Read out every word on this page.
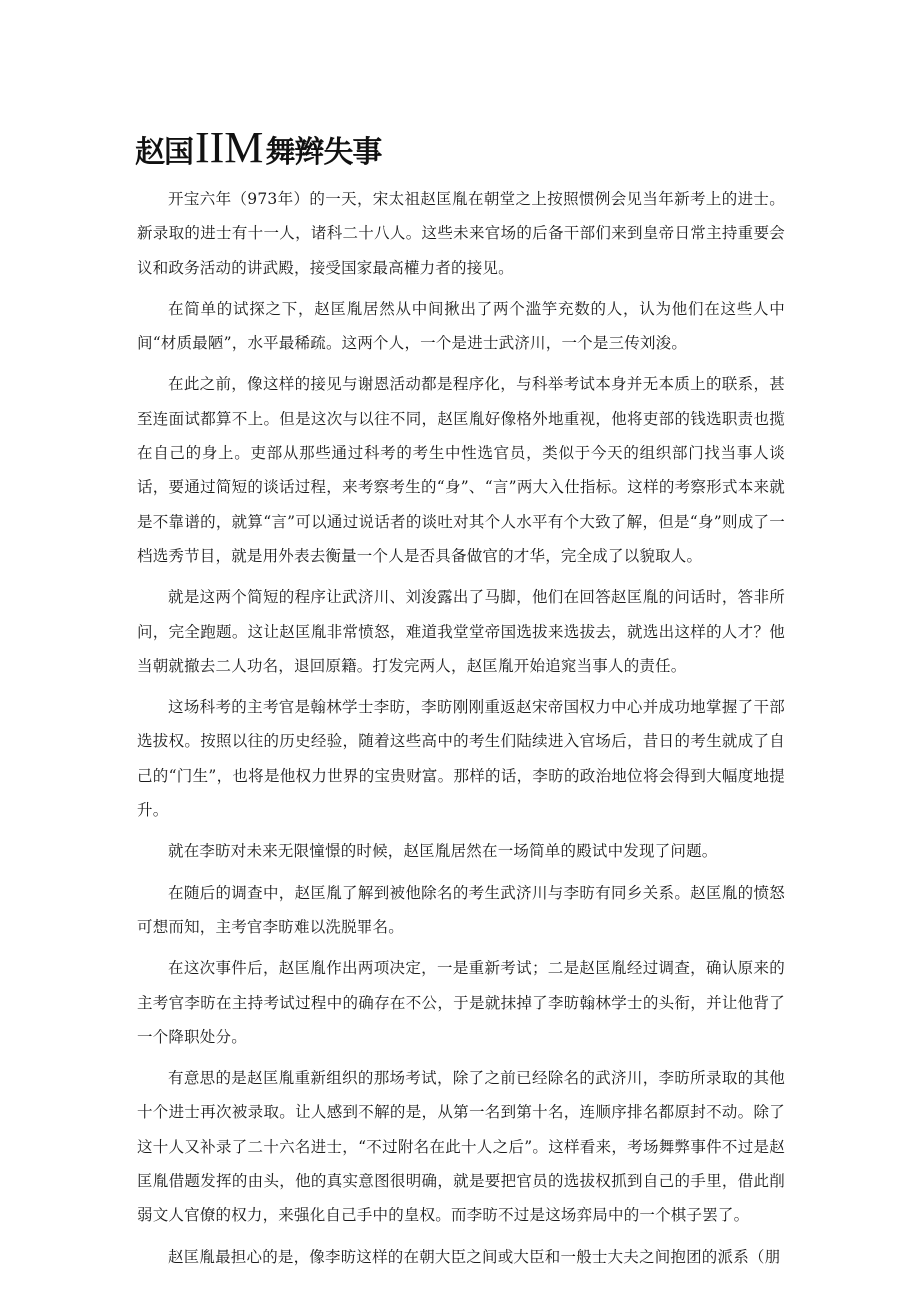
赵国IIM舞辫失事

开宝六年（973年）的一天，宋太祖赵匡胤在朝堂之上按照惯例会见当年新考上的进士。新录取的进士有十一人，诸科二十八人。这些未来官场的后备干部们来到皇帝日常主持重要会议和政务活动的讲武殿，接受国家最高權力者的接见。

在简单的试探之下，赵匡胤居然从中间揪出了两个滥竽充数的人，认为他们在这些人中间“材质最陋”，水平最稀疏。这两个人，一个是进士武济川，一个是三传刘浚。

在此之前，像这样的接见与谢恩活动都是程序化，与科举考试本身并无本质上的联系，甚至连面试都算不上。但是这次与以往不同，赵匡胤好像格外地重视，他将吏部的钱选职责也揽在自己的身上。吏部从那些通过科考的考生中性选官员，类似于今天的组织部门找当事人谈话，要通过简短的谈话过程，来考察考生的“身”、“言”两大入仕指标。这样的考察形式本来就是不靠谱的，就算“言”可以通过说话者的谈吐对其个人水平有个大致了解，但是“身”则成了一档选秀节目，就是用外表去衡量一个人是否具备做官的才华，完全成了以貌取人。

就是这两个简短的程序让武济川、刘浚露出了马脚，他们在回答赵匡胤的问话时，答非所问，完全跑题。这让赵匡胤非常愤怒，难道我堂堂帝国选拔来选拔去，就选出这样的人才？他当朝就撤去二人功名，退回原籍。打发完两人，赵匡胤开始追窕当事人的责任。

这场科考的主考官是翰林学士李昉，李昉刚刚重返赵宋帝国权力中心并成功地掌握了干部选拔权。按照以往的历史经验，随着这些高中的考生们陆续进入官场后，昔日的考生就成了自己的“门生”，也将是他权力世界的宝贵财富。那样的话，李昉的政治地位将会得到大幅度地提升。

就在李昉对未来无限憧憬的时候，赵匡胤居然在一场简单的殿试中发现了问题。

在随后的调查中，赵匡胤了解到被他除名的考生武济川与李昉有同乡关系。赵匡胤的愤怒可想而知，主考官李昉难以洗脱罪名。

在这次事件后，赵匡胤作出两项决定，一是重新考试；二是赵匡胤经过调查，确认原来的主考官李昉在主持考试过程中的确存在不公，于是就抹掉了李昉翰林学士的头衔，并让他背了一个降职处分。

有意思的是赵匡胤重新组织的那场考试，除了之前已经除名的武济川，李昉所录取的其他十个进士再次被录取。让人感到不解的是，从第一名到第十名，连顺序排名都原封不动。除了这十人又补录了二十六名进士，“不过附名在此十人之后”。这样看来，考场舞弊事件不过是赵匡胤借题发挥的由头，他的真实意图很明确，就是要把官员的选拔权抓到自己的手里，借此削弱文人官僚的权力，来强化自己手中的皇权。而李昉不过是这场弈局中的一个棋子罢了。

赵匡胤最担心的是，像李昉这样的在朝大臣之间或大臣和一般士大夫之间抱团的派系（朋
